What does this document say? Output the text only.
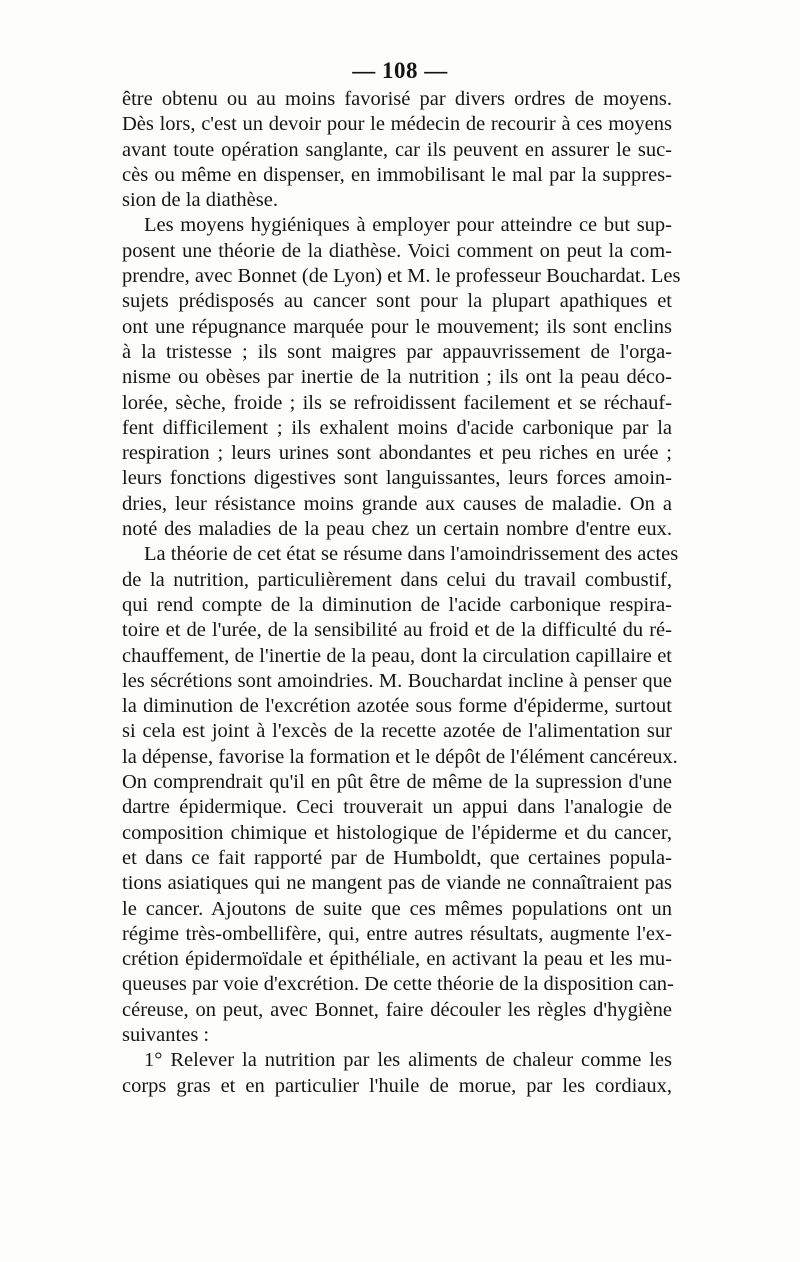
— 108 —
être obtenu ou au moins favorisé par divers ordres de moyens.
Dès lors, c'est un devoir pour le médecin de recourir à ces moyens
avant toute opération sanglante, car ils peuvent en assurer le suc-
cès ou même en dispenser, en immobilisant le mal par la suppres-
sion de la diathèse.
Les moyens hygiéniques à employer pour atteindre ce but sup-
posent une théorie de la diathèse. Voici comment on peut la com-
prendre, avec Bonnet (de Lyon) et M. le professeur Bouchardat. Les
sujets prédisposés au cancer sont pour la plupart apathiques et
ont une répugnance marquée pour le mouvement; ils sont enclins
à la tristesse ; ils sont maigres par appauvrissement de l'orga-
nisme ou obèses par inertie de la nutrition ; ils ont la peau déco-
lorée, sèche, froide ; ils se refroidissent facilement et se réchauf-
fent difficilement ; ils exhalent moins d'acide carbonique par la
respiration ; leurs urines sont abondantes et peu riches en urée ;
leurs fonctions digestives sont languissantes, leurs forces amoin-
dries, leur résistance moins grande aux causes de maladie. On a
noté des maladies de la peau chez un certain nombre d'entre eux.
La théorie de cet état se résume dans l'amoindrissement des actes
de la nutrition, particulièrement dans celui du travail combustif,
qui rend compte de la diminution de l'acide carbonique respira-
toire et de l'urée, de la sensibilité au froid et de la difficulté du ré-
chauffement, de l'inertie de la peau, dont la circulation capillaire et
les sécrétions sont amoindries. M. Bouchardat incline à penser que
la diminution de l'excrétion azotée sous forme d'épiderme, surtout
si cela est joint à l'excès de la recette azotée de l'alimentation sur
la dépense, favorise la formation et le dépôt de l'élément cancéreux.
On comprendrait qu'il en pût être de même de la supression d'une
dartre épidermique. Ceci trouverait un appui dans l'analogie de
composition chimique et histologique de l'épiderme et du cancer,
et dans ce fait rapporté par de Humboldt, que certaines popula-
tions asiatiques qui ne mangent pas de viande ne connaîtraient pas
le cancer. Ajoutons de suite que ces mêmes populations ont un
régime très-ombellifère, qui, entre autres résultats, augmente l'ex-
crétion épidermoïdale et épithéliale, en activant la peau et les mu-
queuses par voie d'excrétion. De cette théorie de la disposition can-
céreuse, on peut, avec Bonnet, faire découler les règles d'hygiène
suivantes :
1° Relever la nutrition par les aliments de chaleur comme les
corps gras et en particulier l'huile de morue, par les cordiaux,
